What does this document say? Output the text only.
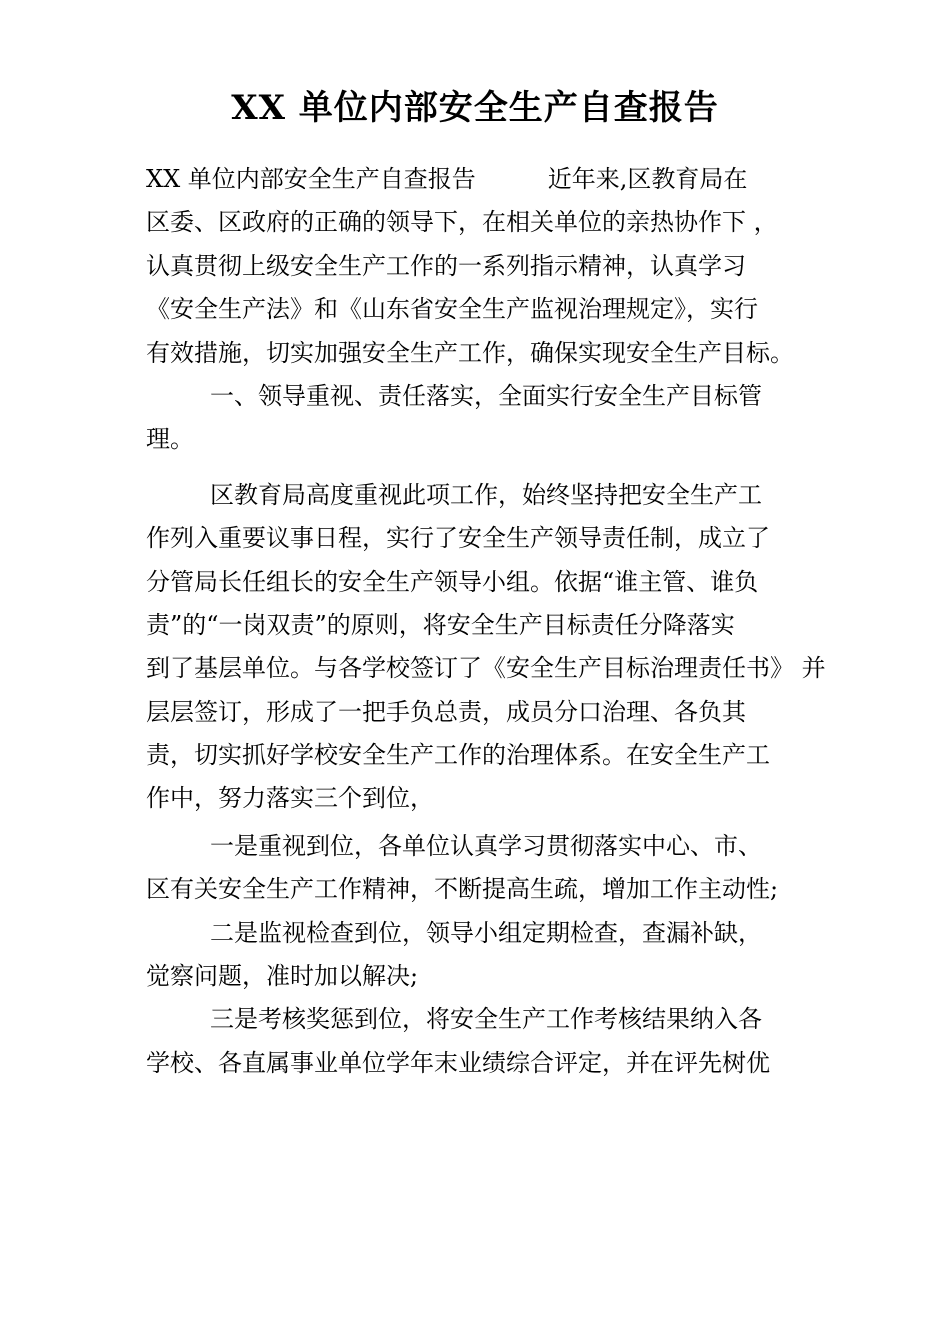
XX 单位内部安全生产自查报告
XX 单位内部安全生产自查报告　　　近年来,区教育局在
区委、区政府的正确的领导下，在相关单位的亲热协作下 ，
认真贯彻上级安全生产工作的一系列指示精神，认真学习
《安全生产法》和《山东省安全生产监视治理规定》，实行
有效措施，切实加强安全生产工作，确保实现安全生产目标。
一、领导重视、责任落实，全面实行安全生产目标管
理。
区教育局高度重视此项工作，始终坚持把安全生产工
作列入重要议事日程，实行了安全生产领导责任制，成立了
分管局长任组长的安全生产领导小组。依据“谁主管、谁负
责”的“一岗双责”的原则，将安全生产目标责任分降落实
到了基层单位。与各学校签订了《安全生产目标治理责任书》 并
层层签订，形成了一把手负总责，成员分口治理、各负其
责，切实抓好学校安全生产工作的治理体系。在安全生产工
作中，努力落实三个到位，
一是重视到位，各单位认真学习贯彻落实中心、市、
区有关安全生产工作精神，不断提高生疏，增加工作主动性;
二是监视检查到位，领导小组定期检查，查漏补缺，
觉察问题，准时加以解决;
三是考核奖惩到位，将安全生产工作考核结果纳入各
学校、各直属事业单位学年末业绩综合评定，并在评先树优
